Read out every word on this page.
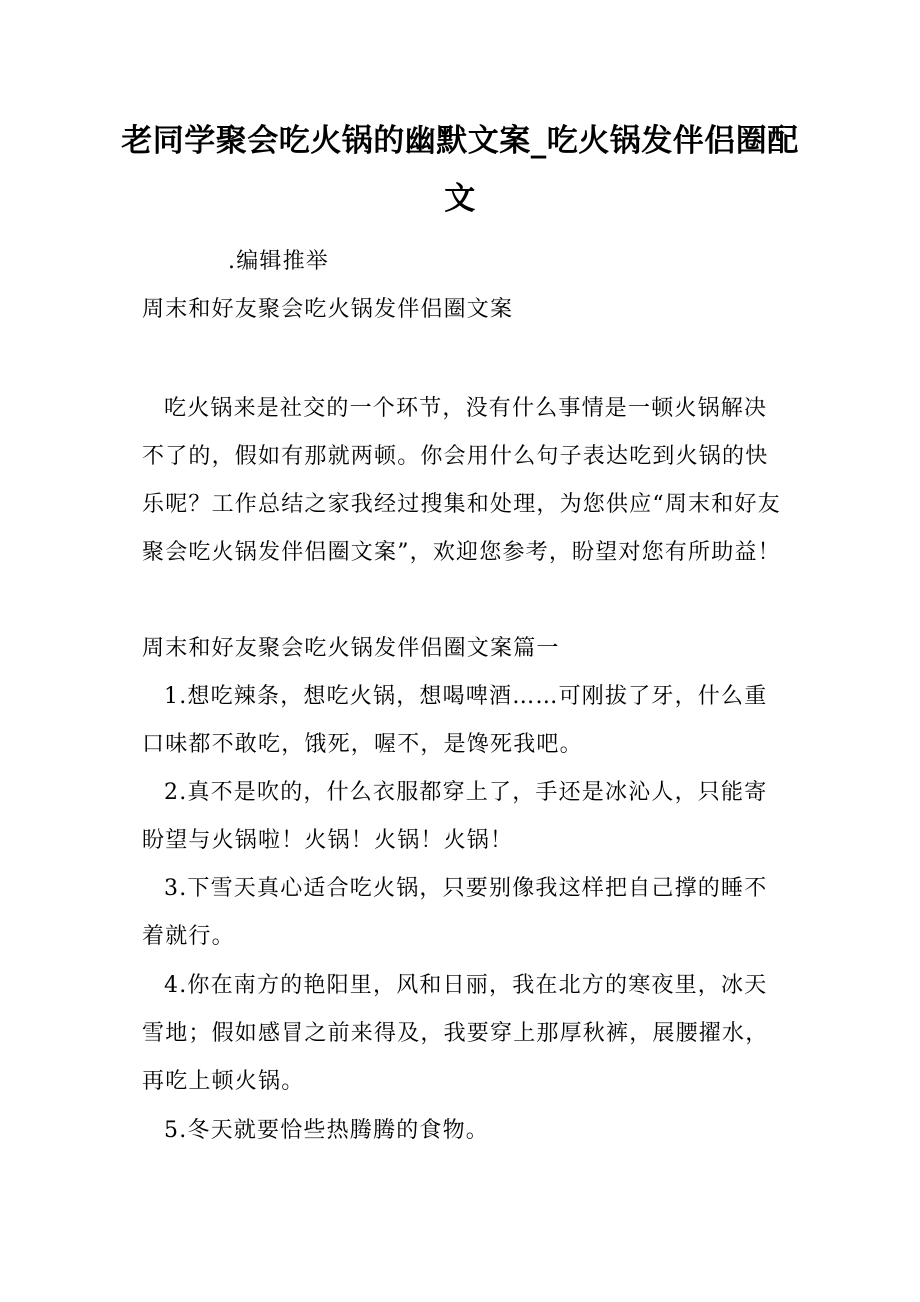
老同学聚会吃火锅的幽默文案_吃火锅发伴侣圈配文
.编辑推举
周末和好友聚会吃火锅发伴侣圈文案
吃火锅来是社交的一个环节，没有什么事情是一顿火锅解决不了的，假如有那就两顿。你会用什么句子表达吃到火锅的快乐呢？工作总结之家我经过搜集和处理，为您供应“周末和好友聚会吃火锅发伴侣圈文案”，欢迎您参考，盼望对您有所助益！
周末和好友聚会吃火锅发伴侣圈文案篇一
1.想吃辣条，想吃火锅，想喝啤酒……可刚拔了牙，什么重口味都不敢吃，饿死，喔不，是馋死我吧。
2.真不是吹的，什么衣服都穿上了，手还是冰沁人，只能寄盼望与火锅啦！火锅！火锅！火锅！
3.下雪天真心适合吃火锅，只要别像我这样把自己撑的睡不着就行。
4.你在南方的艳阳里，风和日丽，我在北方的寒夜里，冰天雪地；假如感冒之前来得及，我要穿上那厚秋裤，展腰擢水，再吃上顿火锅。
5.冬天就要恰些热腾腾的食物。
